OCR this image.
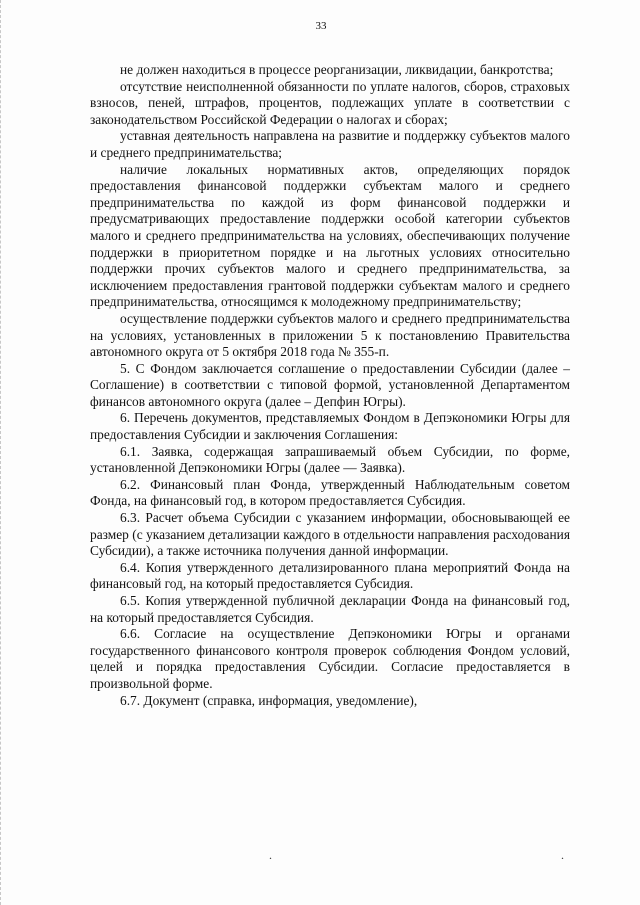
33

не должен находиться в процессе реорганизации, ликвидации, банкротства;

отсутствие неисполненной обязанности по уплате налогов, сборов, страховых взносов, пеней, штрафов, процентов, подлежащих уплате в соответствии с законодательством Российской Федерации о налогах и сборах;

уставная деятельность направлена на развитие и поддержку субъектов малого и среднего предпринимательства;

наличие локальных нормативных актов, определяющих порядок предоставления финансовой поддержки субъектам малого и среднего предпринимательства по каждой из форм финансовой поддержки и предусматривающих предоставление поддержки особой категории субъектов малого и среднего предпринимательства на условиях, обеспечивающих получение поддержки в приоритетном порядке и на льготных условиях относительно поддержки прочих субъектов малого и среднего предпринимательства, за исключением предоставления грантовой поддержки субъектам малого и среднего предпринимательства, относящимся к молодежному предпринимательству;

осуществление поддержки субъектов малого и среднего предпринимательства на условиях, установленных в приложении 5 к постановлению Правительства автономного округа от 5 октября 2018 года № 355-п.

5. С Фондом заключается соглашение о предоставлении Субсидии (далее – Соглашение) в соответствии с типовой формой, установленной Департаментом финансов автономного округа (далее – Депфин Югры).

6. Перечень документов, представляемых Фондом в Депэкономики Югры для предоставления Субсидии и заключения Соглашения:

6.1. Заявка, содержащая запрашиваемый объем Субсидии, по форме, установленной Депэкономики Югры (далее — Заявка).

6.2. Финансовый план Фонда, утвержденный Наблюдательным советом Фонда, на финансовый год, в котором предоставляется Субсидия.

6.3. Расчет объема Субсидии с указанием информации, обосновывающей ее размер (с указанием детализации каждого в отдельности направления расходования Субсидии), а также источника получения данной информации.

6.4. Копия утвержденного детализированного плана мероприятий Фонда на финансовый год, на который предоставляется Субсидия.

6.5. Копия утвержденной публичной декларации Фонда на финансовый год, на который предоставляется Субсидия.

6.6. Согласие на осуществление Депэкономики Югры и органами государственного финансового контроля проверок соблюдения Фондом условий, целей и порядка предоставления Субсидии. Согласие предоставляется в произвольной форме.

6.7. Документ (справка, информация, уведомление),

.	.
